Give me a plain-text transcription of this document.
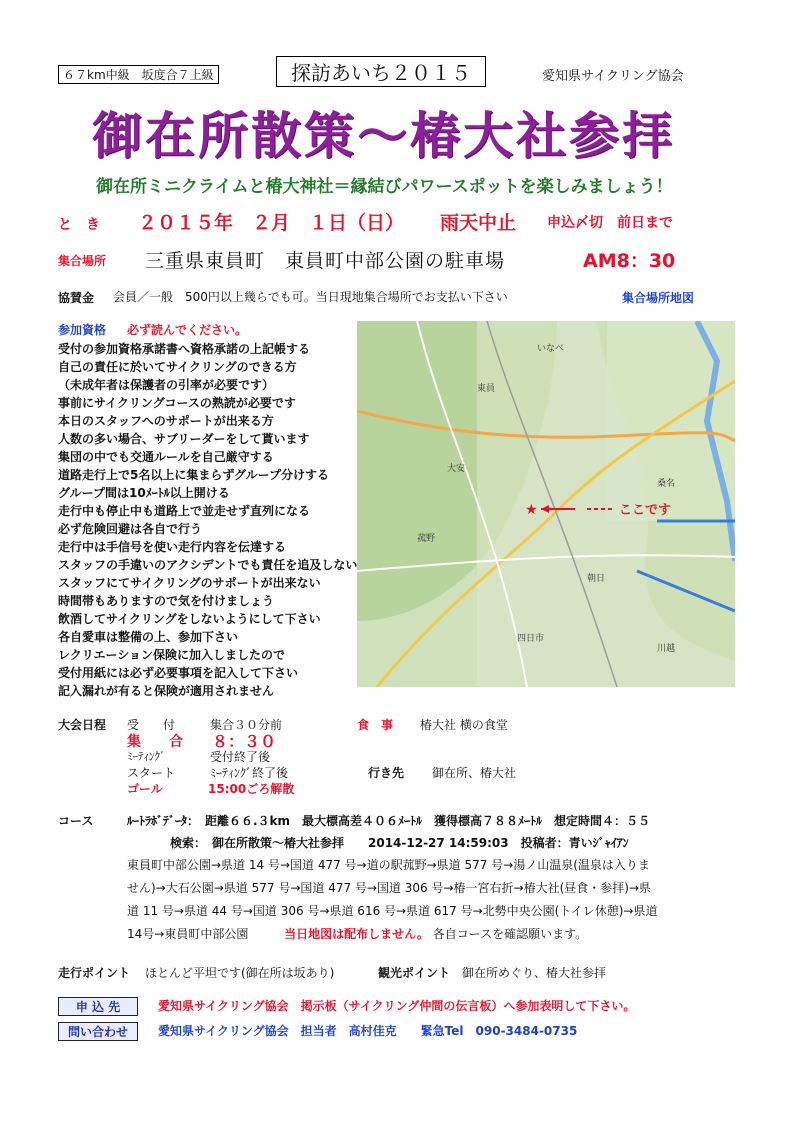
６７km中級　坂度合７上級	探訪あいち２０１５	愛知県サイクリング協会
御在所散策～椿大社参拝
御在所ミニクライムと椿大神社＝縁結びパワースポットを楽しみましょう！
と　き ２０１５年　２月　１日（日） 雨天中止 申込〆切　前日まで
集合場所 三重県東員町　東員町中部公園の駐車場	AM8：30
協賛金 会員／一般　500円以上幾らでも可。当日現地集合場所でお支払い下さい	集合場所地図
参加資格 必ず読んでください。
受付の参加資格承諾書へ資格承諾の上記帳する
自己の責任に於いてサイクリングのできる方
（未成年者は保護者の引率が必要です）
事前にサイクリングコースの熟読が必要です
本日のスタッフへのサポートが出来る方
人数の多い場合、サブリーダーをして貰います
集団の中でも交通ルールを自己厳守する
道路走行上で5名以上に集まらずグループ分けする
グループ間は10ﾒｰﾄﾙ以上開ける
走行中も停止中も道路上で並走せず直列になる
必ず危険回避は各自で行う
走行中は手信号を使い走行内容を伝達する
スタッフの手違いのアクシデントでも責任を追及しない
スタッフにてサイクリングのサポートが出来ない
時間帯もありますので気を付けましょう
飲酒してサイクリングをしないようにして下さい
各自愛車は整備の上、参加下さい
レクリエーション保険に加入しましたので
受付用紙には必ず必要事項を記入して下さい
記入漏れが有ると保険が適用されません
東員
大安
菰野
四日市
桑名
いなべ
朝日
川越
★	ここです
大会日程 受　　付	集合３０分前
集　　合 ８：３０
ﾐｰﾃｨﾝｸﾞ	受付終了後
スタート	ﾐｰﾃｨﾝｸﾞ終了後
ゴール	15:00ごろ解散
食　事 椿大社 横の食堂
行き先 御在所、椿大社
コース	ﾙｰﾄﾗﾎﾞﾃﾞｰﾀ：　距離６６.３km　最大標高差４０６ﾒｰﾄﾙ　獲得標高７８８ﾒｰﾄﾙ　想定時間４：５５
検索：　御在所散策～椿大社参拝　　2014-12-27 14:59:03　投稿者：青いｼﾞｬｲｱﾝ
東員町中部公園→県道 14 号→国道 477 号→道の駅菰野→県道 577 号→湯ノ山温泉(温泉は入りま
せん)→大石公園→県道 577 号→国道 477 号→国道 306 号→椿一宮右折→椿大社(昼食・参拝)→県
道 11 号→県道 44 号→国道 306 号→県道 616 号→県道 617 号→北勢中央公園(トイレ休憩)→県道
14号→東員町中部公園	当日地図は配布しません。 各自コースを確認願います。
走行ポイント ほとんど平坦です(御在所は坂あり)	観光ポイント 御在所めぐり、椿大社参拝
申 込 先	愛知県サイクリング協会　掲示板（サイクリング仲間の伝言板）へ参加表明して下さい。
問い合わせ	愛知県サイクリング協会　担当者　高村佳克　　緊急Tel　090-3484-0735
